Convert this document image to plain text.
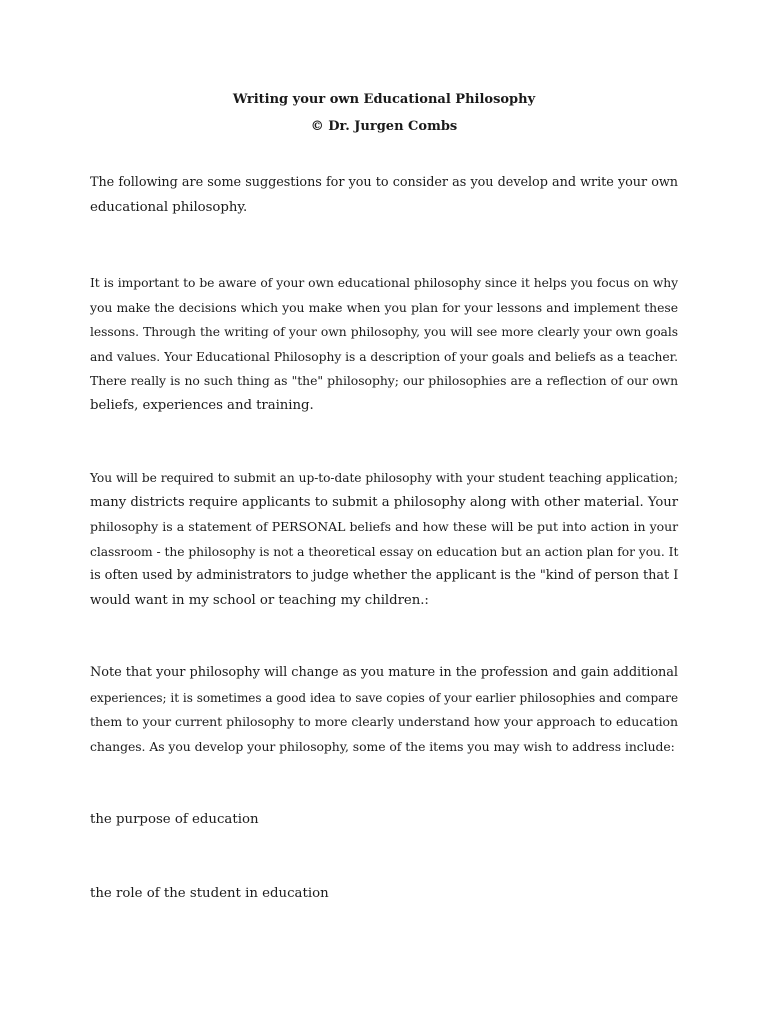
Writing your own Educational Philosophy
© Dr. Jurgen Combs
The following are some suggestions for you to consider as you develop and write your own
educational philosophy.
It is important to be aware of your own educational philosophy since it helps you focus on why
you make the decisions which you make when you plan for your lessons and implement these
lessons. Through the writing of your own philosophy, you will see more clearly your own goals
and values. Your Educational Philosophy is a description of your goals and beliefs as a teacher.
There really is no such thing as "the" philosophy; our philosophies are a reflection of our own
beliefs, experiences and training.
You will be required to submit an up-to-date philosophy with your student teaching application;
many districts require applicants to submit a philosophy along with other material. Your
philosophy is a statement of PERSONAL beliefs and how these will be put into action in your
classroom - the philosophy is not a theoretical essay on education but an action plan for you. It
is often used by administrators to judge whether the applicant is the "kind of person that I
would want in my school or teaching my children.:
Note that your philosophy will change as you mature in the profession and gain additional
experiences; it is sometimes a good idea to save copies of your earlier philosophies and compare
them to your current philosophy to more clearly understand how your approach to education
changes. As you develop your philosophy, some of the items you may wish to address include:
the purpose of education
the role of the student in education
